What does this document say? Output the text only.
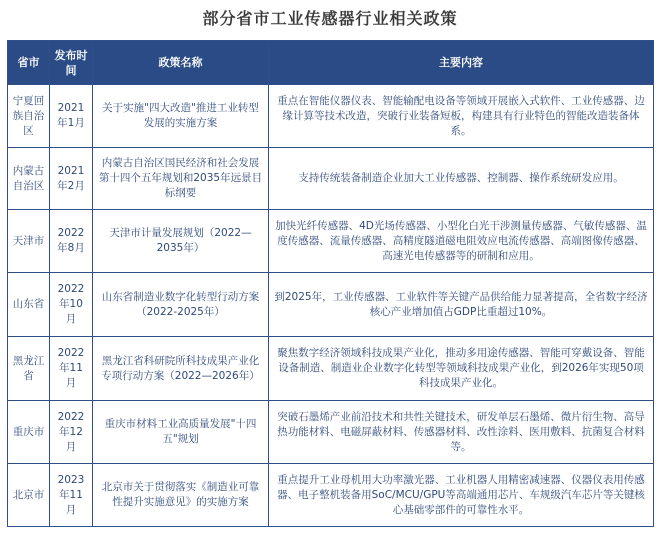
部分省市工业传感器行业相关政策
省市	发布时间	政策名称	主要内容
宁夏回族自治区	2021年1月	关于实施"四大改造"推进工业转型发展的实施方案	重点在智能仪器仪表、智能输配电设备等领域开展嵌入式软件、工业传感器、边缘计算等技术改造，突破行业装备短板，构建具有行业特色的智能改造装备体系。
内蒙古自治区	2021年2月	内蒙古自治区国民经济和社会发展第十四个五年规划和2035年远景目标纲要	支持传统装备制造企业加大工业传感器、控制器、操作系统研发应用。
天津市	2022年8月	天津市计量发展规划（2022—2035年）	加快光纤传感器、4D光场传感器、小型化白光干涉测量传感器、气敏传感器、温度传感器、流量传感器、高精度隧道磁电阻效应电流传感器、高端图像传感器、高速光电传感器等的研制和应用。
山东省	2022年10月	山东省制造业数字化转型行动方案（2022-2025年）	到2025年，工业传感器、工业软件等关键产品供给能力显著提高，全省数字经济核心产业增加值占GDP比重超过10%。
黑龙江省	2022年11月	黑龙江省科研院所科技成果产业化专项行动方案（2022—2026年）	聚焦数字经济领域科技成果产业化，推动多用途传感器、智能可穿戴设备、智能设备制造、制造业企业数字化转型等领域科技成果产业化，到2026年实现50项科技成果产业化。
重庆市	2022年12月	重庆市材料工业高质量发展"十四五"规划	突破石墨烯产业前沿技术和共性关键技术，研发单层石墨烯、微片衍生物、高导热功能材料、电磁屏蔽材料、传感器材料、改性涂料、医用敷料、抗菌复合材料等。
北京市	2023年11月	北京市关于贯彻落实《制造业可靠性提升实施意见》的实施方案	重点提升工业母机用大功率激光器、工业机器人用精密减速器、仪器仪表用传感器、电子整机装备用SoC/MCU/GPU等高端通用芯片、车规级汽车芯片等关键核心基础零部件的可靠性水平。
